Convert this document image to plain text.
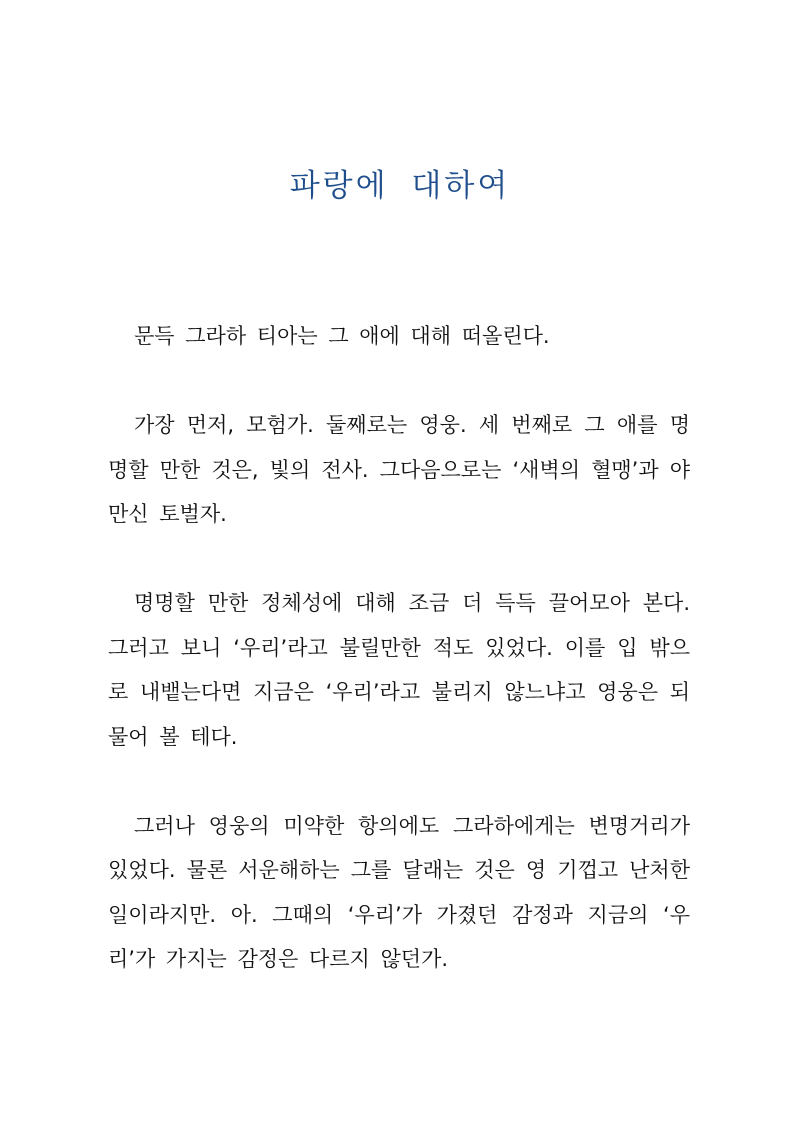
파랑에 대하여

문득 그라하 티아는 그 애에 대해 떠올린다.

가장 먼저, 모험가. 둘째로는 영웅. 세 번째로 그 애를 명명할 만한 것은, 빛의 전사. 그다음으로는 ‘새벽의 혈맹’과 야만신 토벌자.

명명할 만한 정체성에 대해 조금 더 득득 끌어모아 본다. 그러고 보니 ‘우리’라고 불릴만한 적도 있었다. 이를 입 밖으로 내뱉는다면 지금은 ‘우리’라고 불리지 않느냐고 영웅은 되물어 볼 테다.

그러나 영웅의 미약한 항의에도 그라하에게는 변명거리가 있었다. 물론 서운해하는 그를 달래는 것은 영 기껍고 난처한 일이라지만. 아. 그때의 ‘우리’가 가졌던 감정과 지금의 ‘우리’가 가지는 감정은 다르지 않던가.
